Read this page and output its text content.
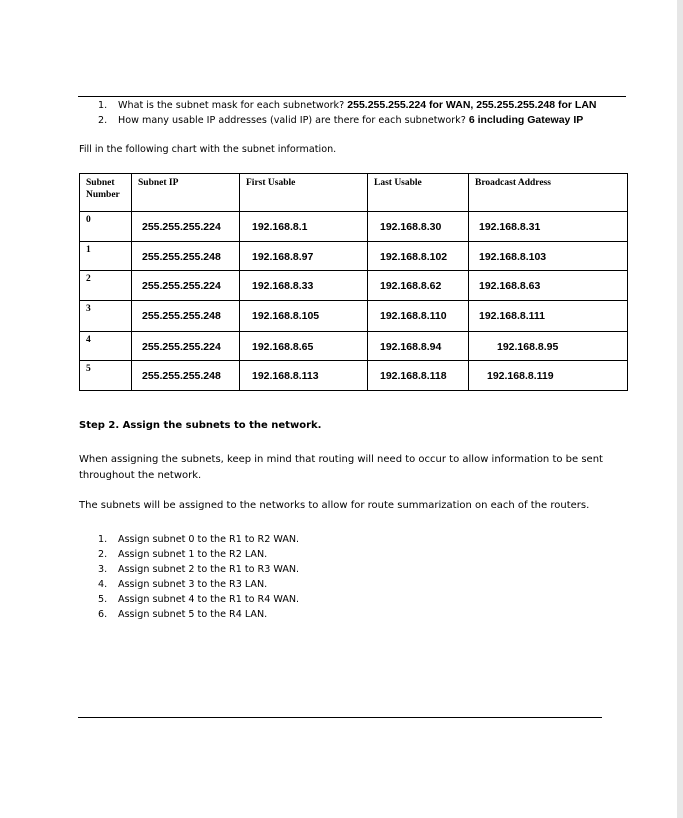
1. What is the subnet mask for each subnetwork? 255.255.255.224 for WAN, 255.255.255.248 for LAN
2. How many usable IP addresses (valid IP) are there for each subnetwork? 6 including Gateway IP
Fill in the following chart with the subnet information.
Subnet Number	Subnet IP	First Usable	Last Usable	Broadcast Address
0	255.255.255.224	192.168.8.1	192.168.8.30	192.168.8.31
1	255.255.255.248	192.168.8.97	192.168.8.102	192.168.8.103
2	255.255.255.224	192.168.8.33	192.168.8.62	192.168.8.63
3	255.255.255.248	192.168.8.105	192.168.8.110	192.168.8.111
4	255.255.255.224	192.168.8.65	192.168.8.94	192.168.8.95
5	255.255.255.248	192.168.8.113	192.168.8.118	192.168.8.119
Step 2. Assign the subnets to the network.
When assigning the subnets, keep in mind that routing will need to occur to allow information to be sent throughout the network.
The subnets will be assigned to the networks to allow for route summarization on each of the routers.
1. Assign subnet 0 to the R1 to R2 WAN.
2. Assign subnet 1 to the R2 LAN.
3. Assign subnet 2 to the R1 to R3 WAN.
4. Assign subnet 3 to the R3 LAN.
5. Assign subnet 4 to the R1 to R4 WAN.
6. Assign subnet 5 to the R4 LAN.
